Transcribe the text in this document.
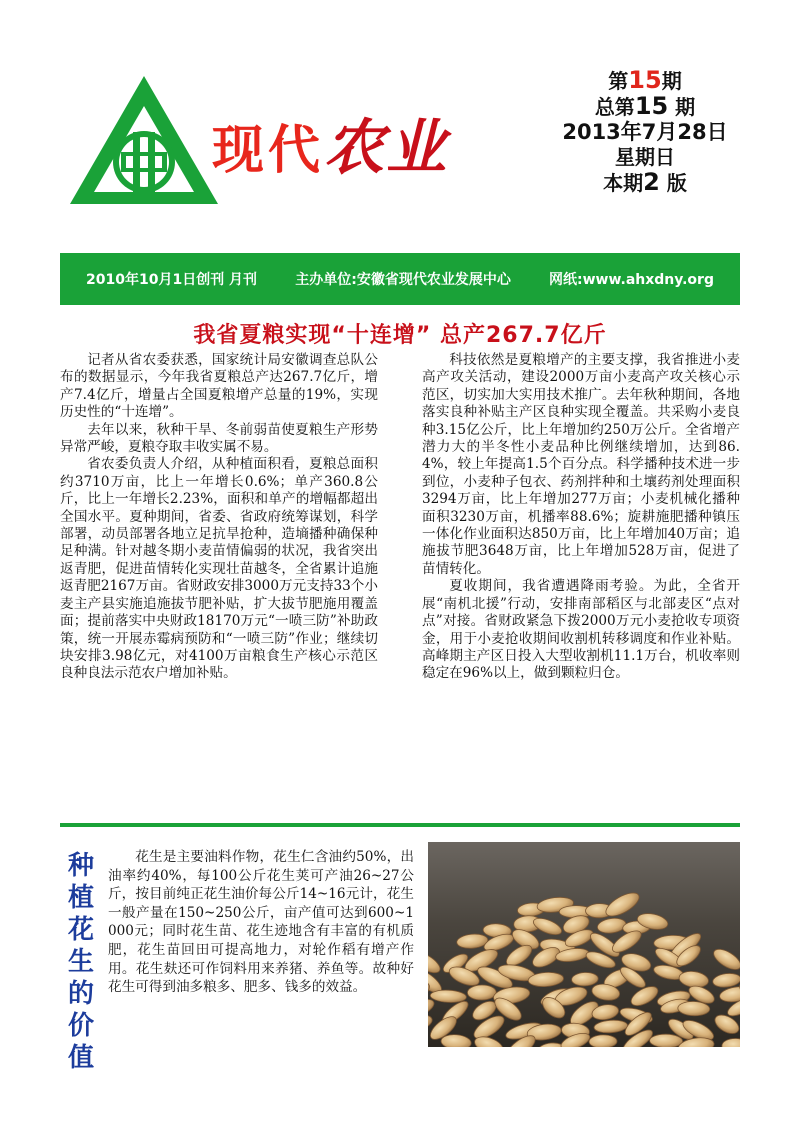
现代农业
第15期
总第15 期
2013年7月28日
星期日
本期2 版
2010年10月1日创刊 月刊	主办单位:安徽省现代农业发展中心	网纸:www.ahxdny.org
我省夏粮实现“十连增” 总产267.7亿斤

记者从省农委获悉，国家统计局安徽调查总队公布的数据显示，今年我省夏粮总产达267.7亿斤，增产7.4亿斤，增量占全国夏粮增产总量的19%，实现历史性的“十连增”。

去年以来，秋种干旱、冬前弱苗使夏粮生产形势异常严峻，夏粮夺取丰收实属不易。

省农委负责人介绍，从种植面积看，夏粮总面积约3710万亩，比上一年增长0.6%；单产360.8公斤，比上一年增长2.23%，面积和单产的增幅都超出全国水平。夏种期间，省委、省政府统筹谋划，科学部署，动员部署各地立足抗旱抢种，造墒播种确保种足种满。针对越冬期小麦苗情偏弱的状况，我省突出返青肥，促进苗情转化实现壮苗越冬，全省累计追施返青肥2167万亩。省财政安排3000万元支持33个小麦主产县实施追施拔节肥补贴，扩大拔节肥施用覆盖面；提前落实中央财政18170万元“一喷三防”补助政策，统一开展赤霉病预防和“一喷三防”作业；继续切块安排3.98亿元，对4100万亩粮食生产核心示范区良种良法示范农户增加补贴。

科技依然是夏粮增产的主要支撑，我省推进小麦高产攻关活动，建设2000万亩小麦高产攻关核心示范区，切实加大实用技术推广。去年秋种期间，各地落实良种补贴主产区良种实现全覆盖。共采购小麦良种3.15亿公斤，比上年增加约250万公斤。全省增产潜力大的半冬性小麦品种比例继续增加，达到86.4%，较上年提高1.5个百分点。科学播种技术进一步到位，小麦种子包衣、药剂拌种和土壤药剂处理面积3294万亩，比上年增加277万亩；小麦机械化播种面积3230万亩，机播率88.6%；旋耕施肥播种镇压一体化作业面积达850万亩，比上年增加40万亩；追施拔节肥3648万亩，比上年增加528万亩，促进了苗情转化。

夏收期间，我省遭遇降雨考验。为此，全省开展“南机北援”行动，安排南部稻区与北部麦区“点对点”对接。省财政紧急下拨2000万元小麦抢收专项资金，用于小麦抢收期间收割机转移调度和作业补贴。高峰期主产区日投入大型收割机11.1万台，机收率则稳定在96%以上，做到颗粒归仓。

种植花生的价值

花生是主要油料作物，花生仁含油约50%，出油率约40%，每100公斤花生荚可产油26~27公斤，按目前纯正花生油价每公斤14~16元计，花生一般产量在150~250公斤，亩产值可达到600~1000元；同时花生苗、花生迹地含有丰富的有机质肥，花生苗回田可提高地力，对轮作稻有增产作用。花生麸还可作饲料用来养猪、养鱼等。故种好花生可得到油多粮多、肥多、钱多的效益。
